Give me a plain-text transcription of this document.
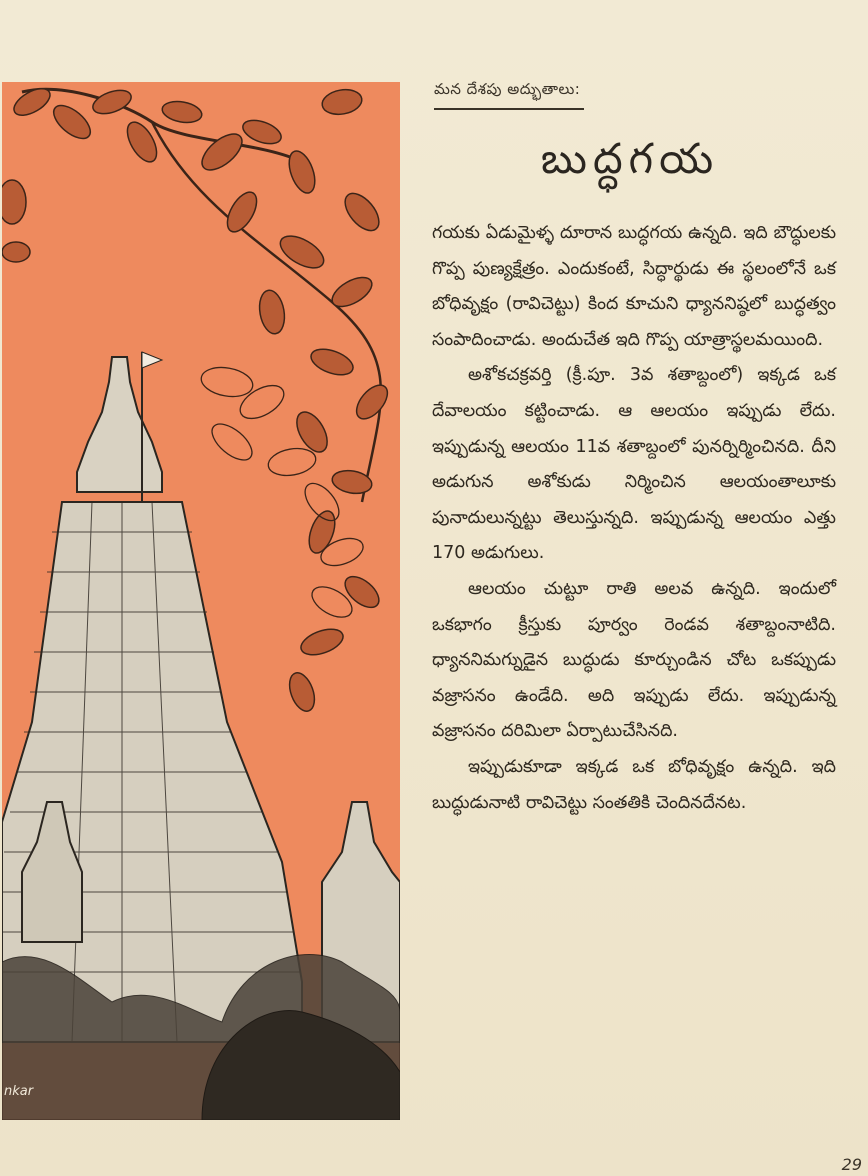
nkar
మన దేశపు అద్భుతాలు:
బుద్ధగయ

గయకు ఏడుమైళ్ళ దూరాన బుద్ధగయ ఉన్నది. ఇది బౌద్ధులకు గొప్ప పుణ్యక్షేత్రం. ఎందుకంటే, సిద్ధార్థుడు ఈ స్థలంలోనే ఒక బోధివృక్షం (రావిచెట్టు) కింద కూచుని ధ్యాననిష్ఠలో బుద్ధత్వం సంపాదించాడు. అందుచేత ఇది గొప్ప యాత్రాస్థలమయింది.

అశోకచక్రవర్తి (క్రీ.పూ. 3వ శతాబ్దంలో) ఇక్కడ ఒక దేవాలయం కట్టించాడు. ఆ ఆలయం ఇప్పుడు లేదు. ఇప్పుడున్న ఆలయం 11వ శతాబ్దంలో పునర్నిర్మించినది. దీని అడుగున అశోకుడు నిర్మించిన ఆలయంతాలూకు పునాదులున్నట్టు తెలుస్తున్నది. ఇప్పుడున్న ఆలయం ఎత్తు 170 అడుగులు.

ఆలయం చుట్టూ రాతి అలవ ఉన్నది. ఇందులో ఒకభాగం క్రీస్తుకు పూర్వం రెండవ శతాబ్దంనాటిది. ధ్యాననిమగ్నుడైన బుద్ధుడు కూర్చుండిన చోట ఒకప్పుడు వజ్రాసనం ఉండేది. అది ఇప్పుడు లేదు. ఇప్పుడున్న వజ్రాసనం దరిమిలా ఏర్పాటుచేసినది.

ఇప్పుడుకూడా ఇక్కడ ఒక బోధివృక్షం ఉన్నది. ఇది బుద్ధుడునాటి రావిచెట్టు సంతతికి చెందినదేనట.

29
